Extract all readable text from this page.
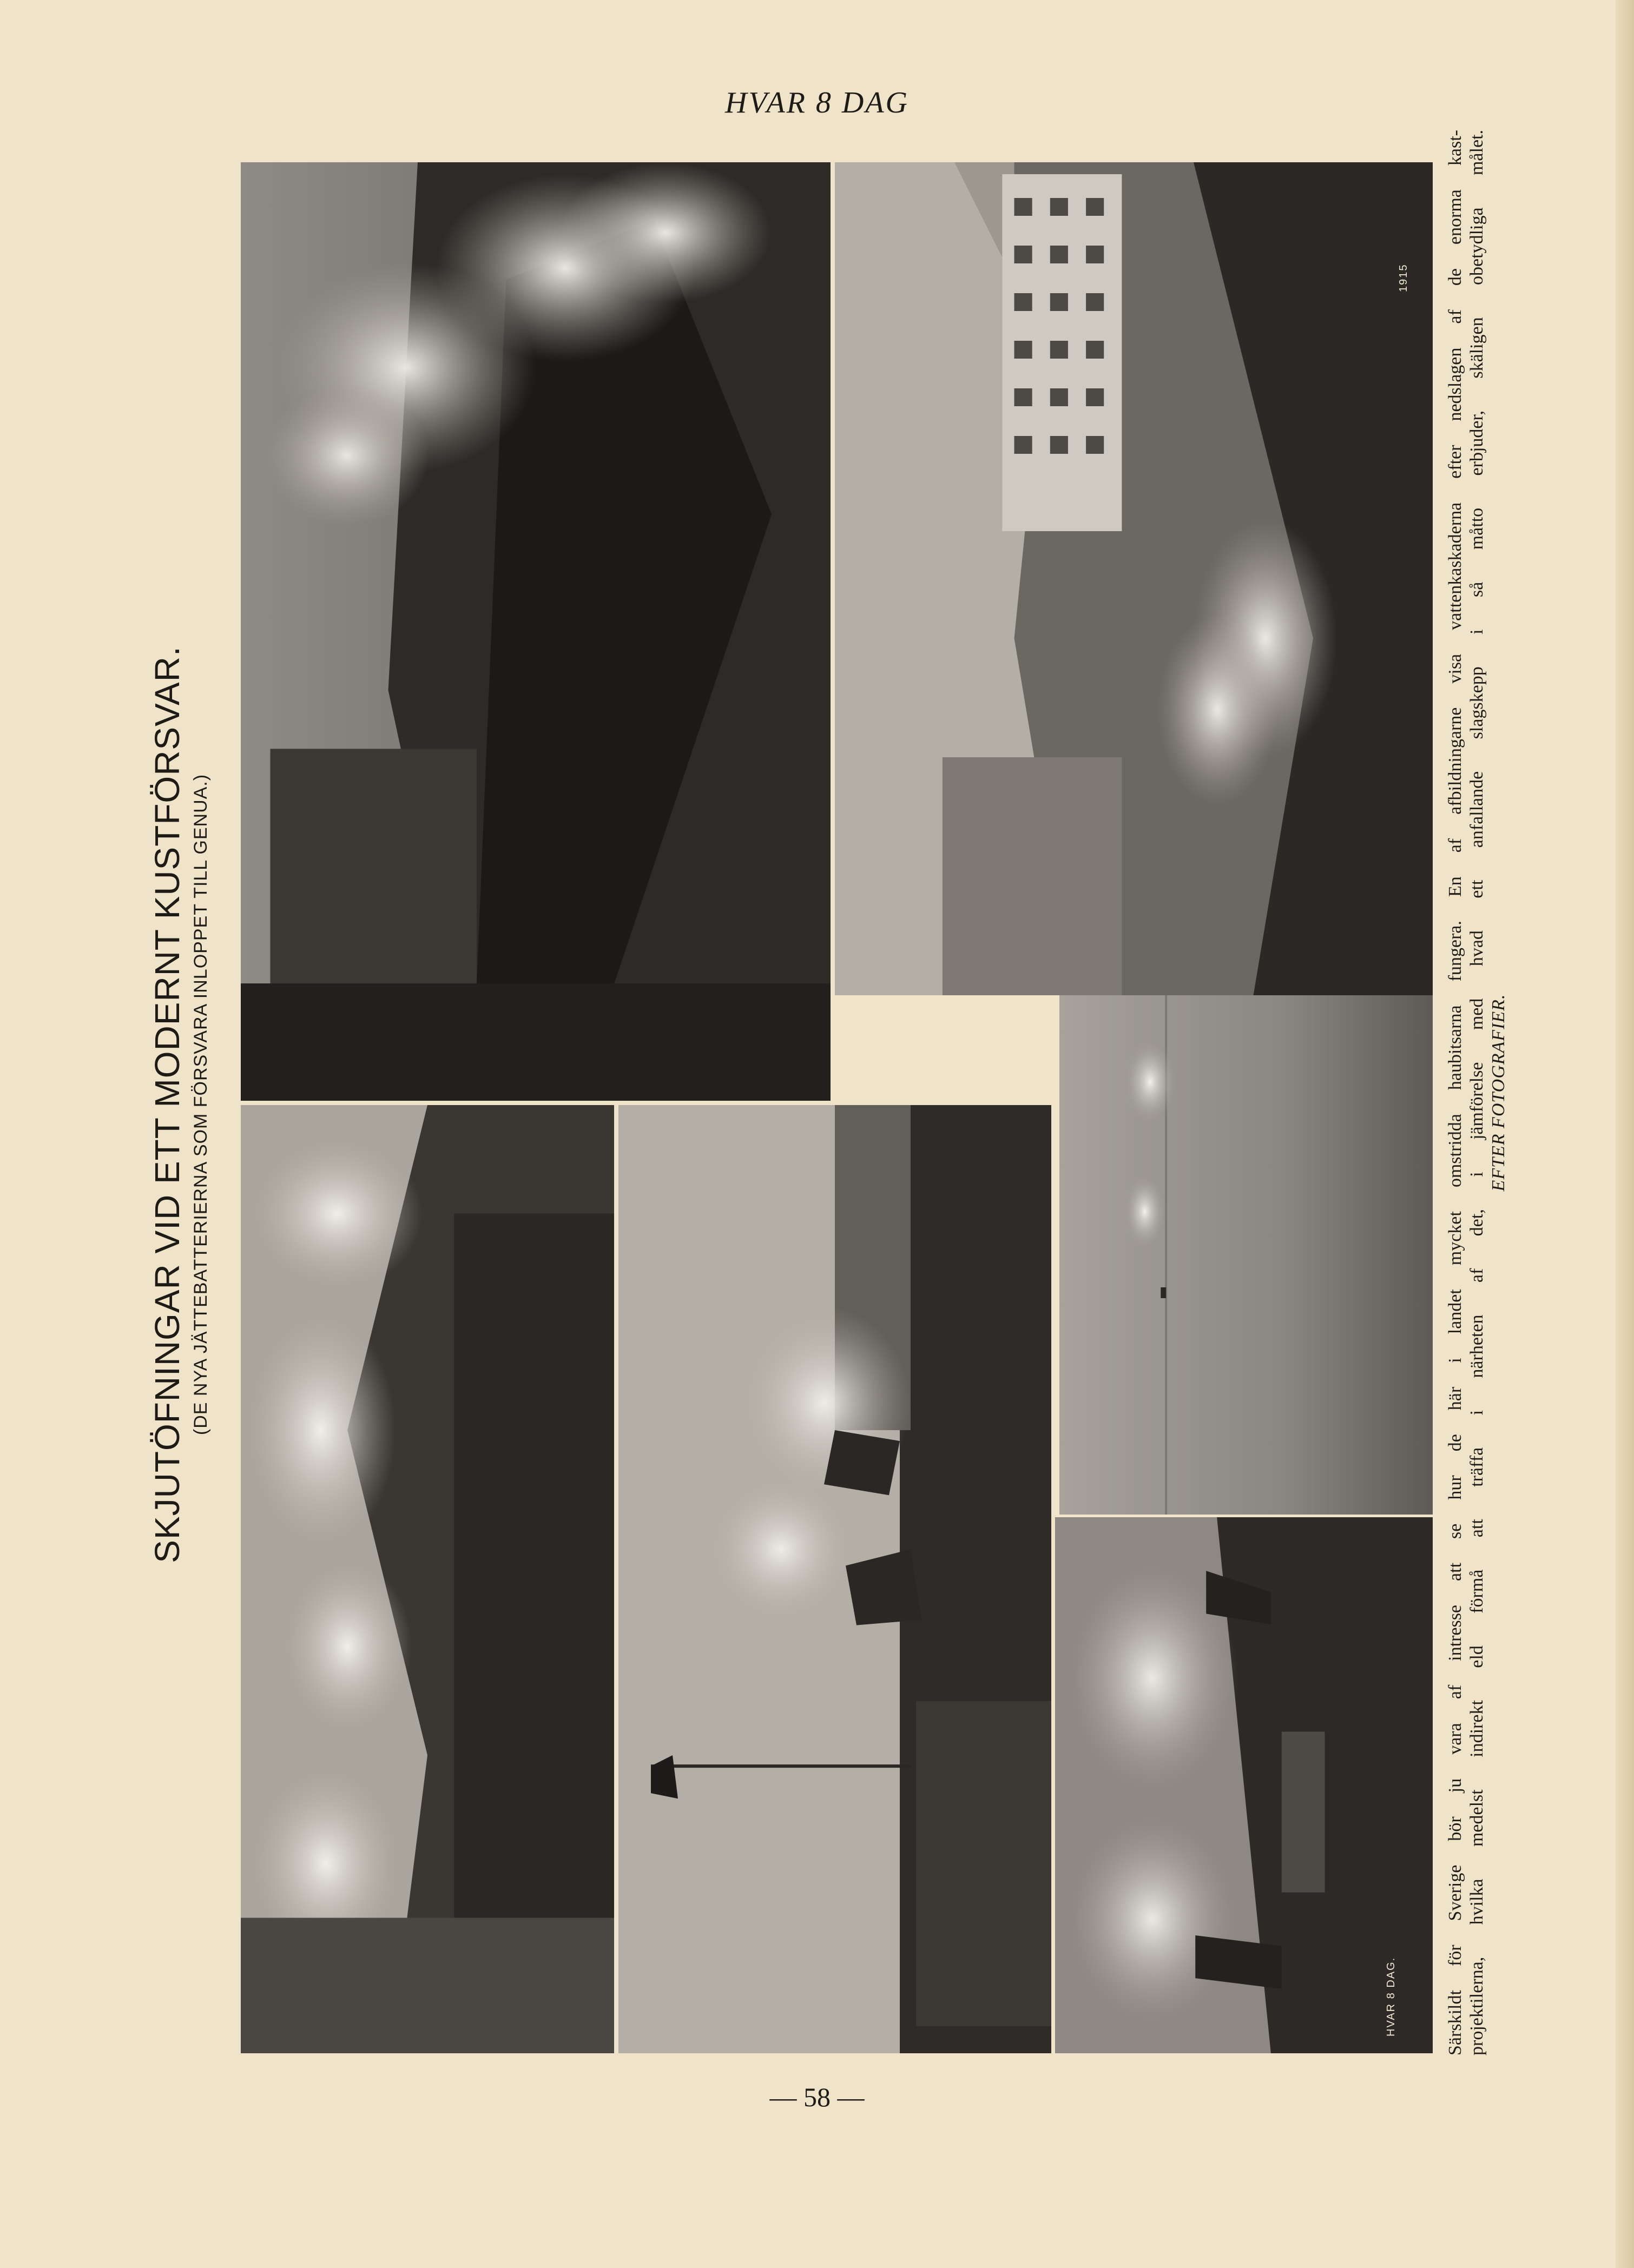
HVAR 8 DAG
1915
HVAR 8 DAG.
SKJUTÖFNINGAR VID ETT MODERNT KUSTFÖRSVAR. (DE NYA JÄTTEBATTERIERNA SOM FÖRSVARA INLOPPET TILL GENUA.)	Särskildt för Sverige bör ju vara af intresse att se hur de här i landet mycket omstridda haubitsarna fungera. En af afbildningarne visa vattenkaskaderna efter nedslagen af de enorma kast- projektilerna, hvilka medelst indirekt eld förmå att träffa i närheten af det, i jämförelse med hvad ett anfallande slagskepp i så måtto erbjuder, skäligen obetydliga målet. EFTER FOTOGRAFIER.
— 58 —
